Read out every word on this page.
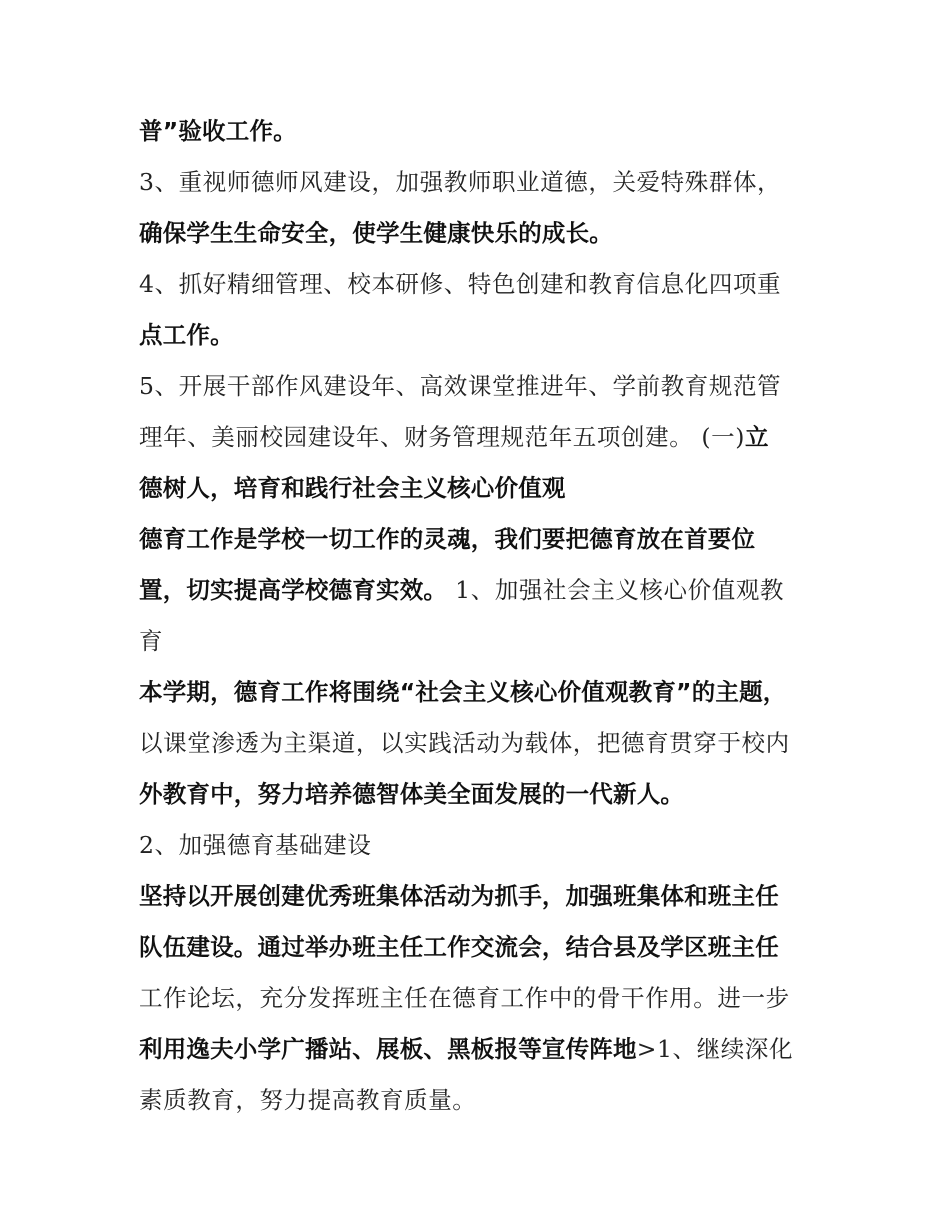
普”验收工作。
3、重视师德师风建设，加强教师职业道德，关爱特殊群体，
确保学生生命安全，使学生健康快乐的成长。
4、抓好精细管理、校本研修、特色创建和教育信息化四项重
点工作。
5、开展干部作风建设年、高效课堂推进年、学前教育规范管
理年、美丽校园建设年、财务管理规范年五项创建。 (一)立
德树人，培育和践行社会主义核心价值观
德育工作是学校一切工作的灵魂，我们要把德育放在首要位
置，切实提高学校德育实效。 1、加强社会主义核心价值观教
育
本学期，德育工作将围绕“社会主义核心价值观教育”的主题，
以课堂渗透为主渠道，以实践活动为载体，把德育贯穿于校内
外教育中，努力培养德智体美全面发展的一代新人。
2、加强德育基础建设
坚持以开展创建优秀班集体活动为抓手，加强班集体和班主任
队伍建设。通过举办班主任工作交流会，结合县及学区班主任
工作论坛，充分发挥班主任在德育工作中的骨干作用。进一步
利用逸夫小学广播站、展板、黑板报等宣传阵地>1、继续深化
素质教育，努力提高教育质量。
